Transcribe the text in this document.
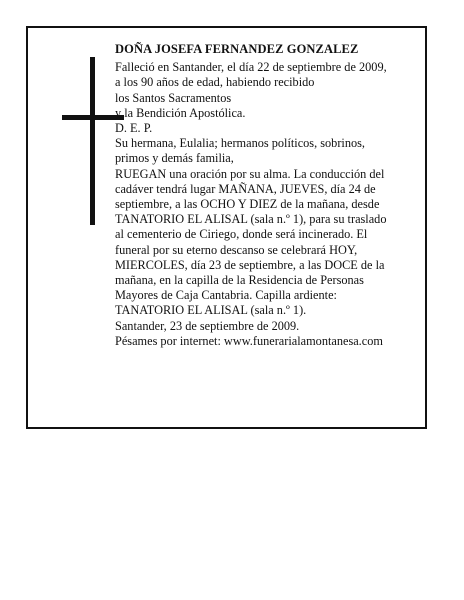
DOÑA JOSEFA FERNANDEZ GONZALEZ
Falleció en Santander, el día 22 de septiembre de 2009,
a los 90 años de edad, habiendo recibido
los Santos Sacramentos
y la Bendición Apostólica.
D. E. P.
Su hermana, Eulalia; hermanos políticos, sobrinos,
primos y demás familia,
RUEGAN una oración por su alma. La conducción del
cadáver tendrá lugar MAÑANA, JUEVES, día 24 de
septiembre, a las OCHO Y DIEZ de la mañana, desde
TANATORIO EL ALISAL (sala n.º 1), para su traslado
al cementerio de Ciriego, donde será incinerado. El
funeral por su eterno descanso se celebrará HOY,
MIERCOLES, día 23 de septiembre, a las DOCE de la
mañana, en la capilla de la Residencia de Personas
Mayores de Caja Cantabria. Capilla ardiente:
TANATORIO EL ALISAL (sala n.º 1).
Santander, 23 de septiembre de 2009.
Pésames por internet: www.funerarialamontanesa.com
